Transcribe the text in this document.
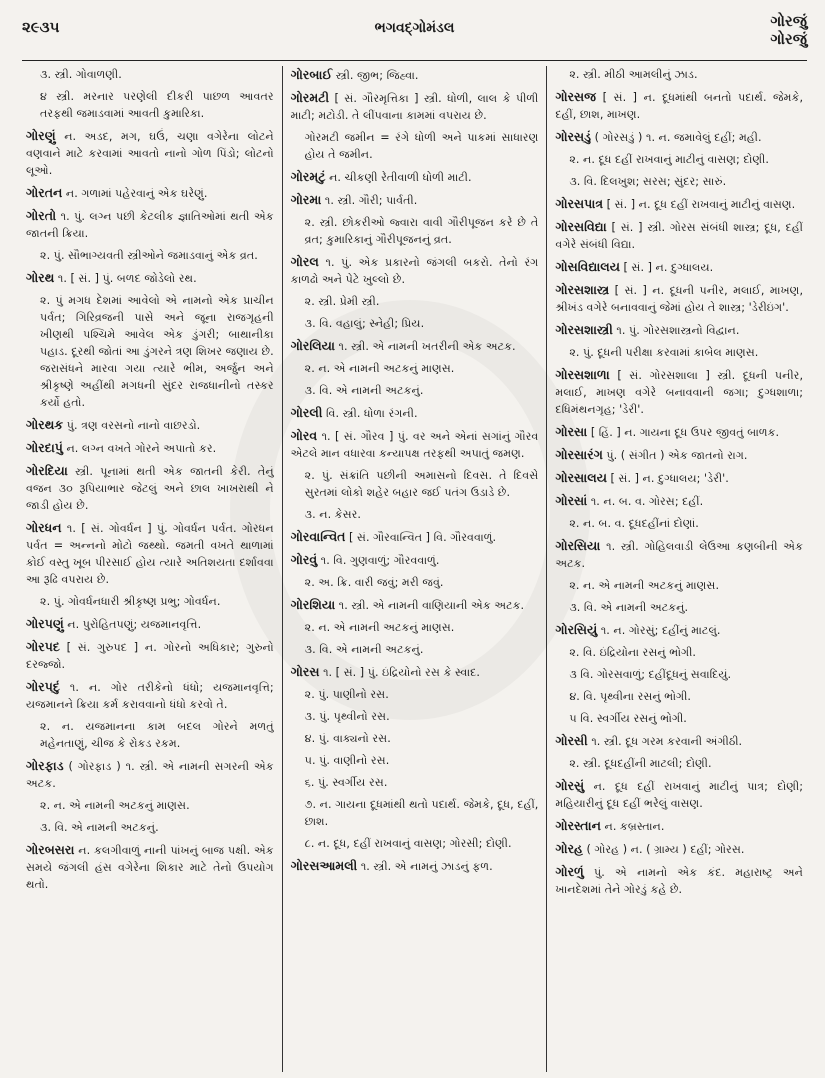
૨૯૩૫	ભગવદ્ગોમંડલ	ગોરજું
ગોરજું
૩. સ્ત્રી. ગોવાળણી.
૪ સ્ત્રી. મરનાર પરણેલી દીકરી પાછળ આવતર તરફથી જમાડવામાં આવતી કુમારિકા.
ગોરણું ન. અડદ, મગ, ઘઉં, ચણા વગેરેના લોટને વણવાને માટે કરવામાં આવતો નાનો ગોળ પિંડો; લોટનો લૂઓ.
ગોરતન ન. ગળામાં પહેરવાનું એક ઘરેણું.
ગોરતો ૧. પું. લગ્ન પછી કેટલીક જ્ઞાતિઓમાં થતી એક જાતની ક્રિયા.
૨. પું. સૌભાગ્યવતી સ્ત્રીઓને જમાડવાનું એક વ્રત.
ગોરથ ૧. [ સં. ] પું. બળદ જોડેલો રથ.
૨. પું મગધ દેશમાં આવેલો એ નામનો એક પ્રાચીન પર્વત; ગિરિવ્રજની પાસે અને જૂના રાજગૃહની ખીણથી પશ્ચિમે આવેલ એક ડુંગરી; બાથાનીકા પહાડ. દૂરથી જોતાં આ ડુંગરને ત્રણ શિખર જણાય છે. જરાસંધને મારવા ગયા ત્યારે ભીમ, અર્જુન અને શ્રીકૃષ્ણે અહીંથી મગધની સુંદર રાજધાનીનો તસ્કર કર્યો હતો.
ગોરથક પું. ત્રણ વરસનો નાનો વાછરડો.
ગોરદાપું ન. લગ્ન વખતે ગોરને અપાતો કર.
ગોરદિયા સ્ત્રી. પૂનામાં થતી એક જાતની કેરી. તેનું વજન ૩૦ રૂપિયાભાર જેટલું અને છાલ ખાખરાથી ને જાડી હોય છે.
ગોરધન ૧. [ સં. ગોવર્ધન ] પું. ગોવર્ધન પર્વત. ગોરધન પર્વત = અન્નનો મોટો જથ્થો. જમતી વખતે થાળામાં કોઈ વસ્તુ ખૂબ પીરસાઈ હોય ત્યારે અતિશયતા દર્શાવવા આ રૂઢિ વપરાય છે.
૨. પું. ગોવર્ધનધારી શ્રીકૃષ્ણ પ્રભુ; ગોવર્ધન.
ગોરપણું ન. પુરોહિતપણું; યજમાનવૃત્તિ.
ગોરપદ [ સં. ગુરુપદ ] ન. ગોરનો અધિકાર; ગુરુનો દરજ્જો.
ગોરપદું ૧. ન. ગોર તરીકેનો ધંધો; યજમાનવૃત્તિ; યજમાનને ક્રિયા કર્મ કરાવવાનો ધંધો કરવો તે.
૨. ન. યજમાનના કામ બદલ ગોરને મળતું મહેનતાણું, ચીજ કે રોકડ રકમ.
ગોરફાડ ( ગોરફાડ ) ૧. સ્ત્રી. એ નામની સગરની એક અટક.
૨. ન. એ નામની અટકનું માણસ.
૩. વિ. એ નામની અટકનું.
ગોરબસરા ન. કલગીવાળું નાની પાંખનું બાજ પક્ષી. એક સમયે જંગલી હંસ વગેરેના શિકાર માટે તેનો ઉપયોગ થતો.
ગોરબાઈ સ્ત્રી. જીભ; જિહ્વા.
ગોરમટી [ સં. ગૌરમૃત્તિકા ] સ્ત્રી. ધોળી, લાલ કે પીળી માટી; મટોડી. તે લીંપવાના કામમાં વપરાય છે.
ગોરમટી જમીન = રંગે ધોળી અને પાકમાં સાધારણ હોય તે જમીન.
ગોરમટું ન. ચીકણી રેતીવાળી ધોળી માટી.
ગોરમા ૧. સ્ત્રી. ગૌરી; પાર્વતી.
૨. સ્ત્રી. છોકરીઓ જ્વારા વાવી ગૌરીપૂજન કરે છે તે વ્રત; કુમારિકાનું ગૌરીપૂજનનું વ્રત.
ગોરલ ૧. પું. એક પ્રકારનો જંગલી બકરો. તેનો રંગ કાળઢો અને પેટે ખુલ્લો છે.
૨. સ્ત્રી. પ્રેમી સ્ત્રી.
૩. વિ. વહાલું; સ્નેહી; પ્રિય.
ગોરલિયા ૧. સ્ત્રી. એ નામની ખતરીની એક અટક.
૨. ન. એ નામની અટકનું માણસ.
૩. વિ. એ નામની અટકનું.
ગોરલી વિ. સ્ત્રી. ધોળા રંગની.
ગોરવ ૧. [ સં. ગૌરવ ] પું. વર અને એનાં સગાંનું ગૌરવ એટલે માન વધારવા કન્યાપક્ષ તરફથી અપાતું જમણ.
૨. પું. સંક્રાંતિ પછીની અમાસનો દિવસ. તે દિવસે સુરતમાં લોકો શહેર બહાર જઈ પતંગ ઉડાડે છે.
૩. ન. કેસર.
ગોરવાન્વિત [ સં. ગૌરવાન્વિત ] વિ. ગૌરવવાળું.
ગોરવું ૧. વિ. ગુણવાળું; ગૌરવવાળું.
૨. અ. ક્રિ. વારી જવું; મરી જવું.
ગોરશિયા ૧. સ્ત્રી. એ નામની વાણિયાની એક અટક.
૨. ન. એ નામની અટકનું માણસ.
૩. વિ. એ નામની અટકનું.
ગોરસ ૧. [ સં. ] પું. ઇંદ્રિયોનો રસ કે સ્વાદ.
૨. પું. પાણીનો રસ.
૩. પું. પૃથ્વીનો રસ.
૪. પું. વાક્યનો રસ.
૫. પું. વાણીનો રસ.
૬. પું. સ્વર્ગીય રસ.
૭. ન. ગાયના દૂધમાંથી થતો પદાર્થ. જેમકે, દૂધ, દહીં, છાશ.
૮. ન. દૂધ, દહીં રાખવાનું વાસણ; ગોરસી; દોણી.
ગોરસઆમલી ૧. સ્ત્રી. એ નામનું ઝાડનું ફળ.
૨. સ્ત્રી. મીઠી આમલીનું ઝાડ.
ગોરસજ [ સં. ] ન. દૂધમાંથી બનતો પદાર્થ. જેમકે, દહીં, છાશ, માખણ.
ગોરસડું ( ગોરસડું ) ૧. ન. જમાવેલું દહીં; મહી.
૨. ન. દૂધ દહીં રાખવાનું માટીનું વાસણ; દોણી.
૩. વિ. દિલખુશ; સરસ; સુંદર; સારું.
ગોરસપાત્ર [ સં. ] ન. દૂધ દહીં રાખવાનું માટીનું વાસણ.
ગોરસવિદ્યા [ સં. ] સ્ત્રી. ગોરસ સંબંધી શાસ્ત્ર; દૂધ, દહીં વગેરે સંબંધી વિદ્યા.
ગોસવિદ્યાલય [ સં. ] ન. દુગ્ધાલય.
ગોરસશાસ્ત્ર [ સં. ] ન. દૂધની પનીર, મલાઈ, માખણ, શ્રીખંડ વગેરે બનાવવાનું જેમાં હોય તે શાસ્ત્ર; 'ડેરીઇંગ'.
ગોરસશાસ્ત્રી ૧. પું. ગોરસશાસ્ત્રનો વિદ્વાન.
૨. પું. દૂધની પરીક્ષા કરવામાં કાબેલ માણસ.
ગોરસશાળા [ સં. ગોરસશાલા ] સ્ત્રી. દૂધની પનીર, મલાઈ, માખણ વગેરે બનાવવાની જગા; દુગ્ધશાળા; દધિમંથનગૃહ; 'ડેરી'.
ગોરસા [ હિં. ] ન. ગાયના દૂધ ઉપર જીવતું બાળક.
ગોરસારંગ પું. ( સંગીત ) એક જાતનો રાગ.
ગોરસાલય [ સં. ] ન. દુગ્ધાલય; 'ડેરી'.
ગોરસાં ૧. ન. બ. વ. ગોરસ; દહીં.
૨. ન. બ. વ. દૂધદહીંનાં દોણાં.
ગોરસિયા ૧. સ્ત્રી. ગોહિલવાડી લેઉઆ કણબીની એક અટક.
૨. ન. એ નામની અટકનું માણસ.
૩. વિ. એ નામની અટકનું.
ગોરસિયું ૧. ન. ગોરસું; દહીંનું માટલું.
૨. વિ. ઇંદ્રિયોના રસનું ભોગી.
૩ વિ. ગોરસવાળું; દહીંદૂધનું સવાદિયું.
૪. વિ. પૃથ્વીના રસનું ભોગી.
૫ વિ. સ્વર્ગીય રસનું ભોગી.
ગોરસી ૧. સ્ત્રી. દૂધ ગરમ કરવાની અંગીઠી.
૨. સ્ત્રી. દૂધદહીંની માટલી; દોણી.
ગોરસું ન. દૂધ દહીં રાખવાનું માટીનું પાત્ર; દોણી; મહિયારીનું દૂધ દહીં ભરેલું વાસણ.
ગોરસ્તાન ન. કબ્રસ્તાન.
ગોરહ ( ગોરહ ) ન. ( ગ્રામ્ય ) દહીં; ગોરસ.
ગોરળું પું. એ નામનો એક કંદ. મહારાષ્ટ્ર અને ખાનદેશમાં તેને ગોરડું કહે છે.
